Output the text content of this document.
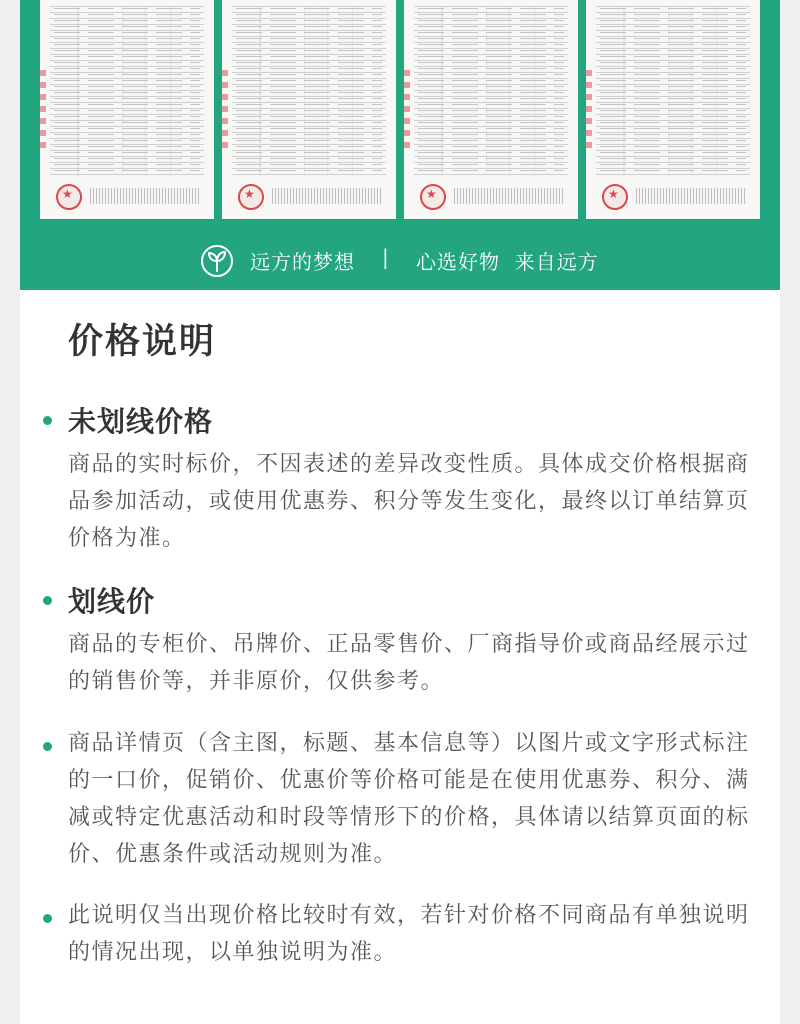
★
★
★
★
远方的梦想 | 心选好物  来自远方
价格说明
未划线价格
商品的实时标价，不因表述的差异改变性质。具体成交价格根据商品参加活动，或使用优惠券、积分等发生变化，最终以订单结算页价格为准。
划线价
商品的专柜价、吊牌价、正品零售价、厂商指导价或商品经展示过的销售价等，并非原价，仅供参考。
商品详情页（含主图，标题、基本信息等）以图片或文字形式标注的一口价，促销价、优惠价等价格可能是在使用优惠券、积分、满减或特定优惠活动和时段等情形下的价格，具体请以结算页面的标价、优惠条件或活动规则为准。
此说明仅当出现价格比较时有效，若针对价格不同商品有单独说明的情况出现，以单独说明为准。
